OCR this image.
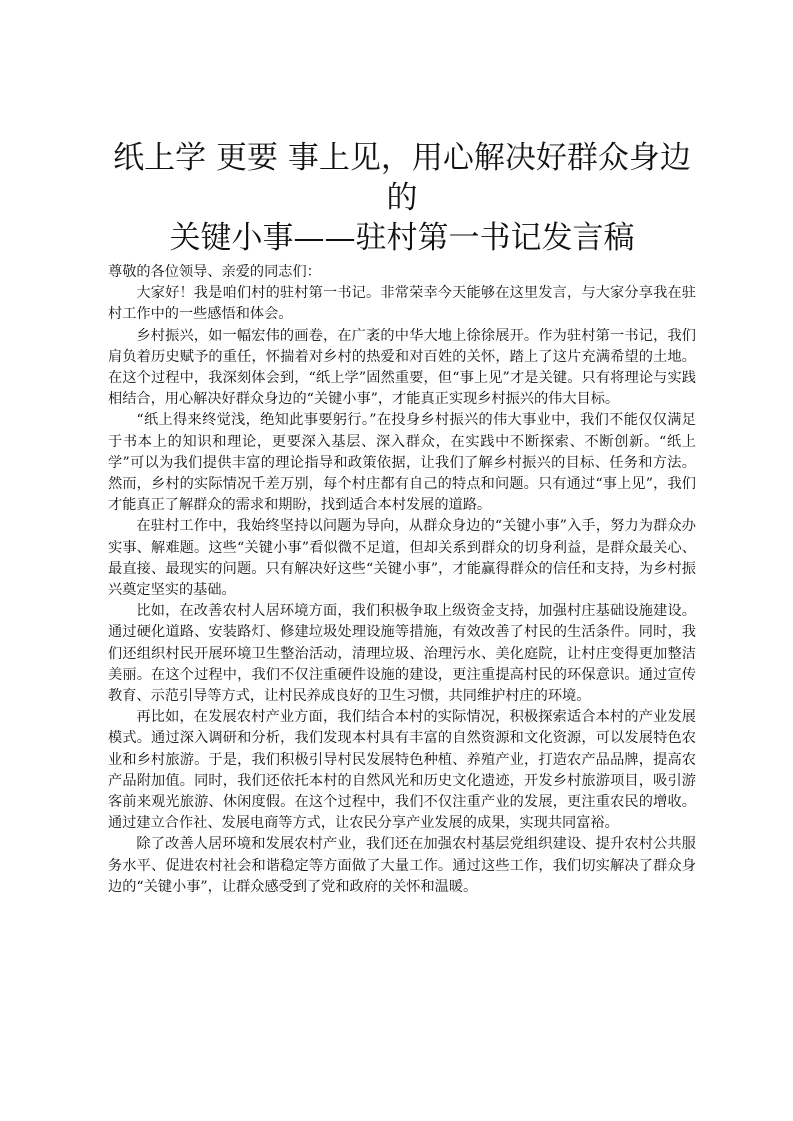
纸上学 更要 事上见，用心解决好群众身边的
关键小事——驻村第一书记发言稿

尊敬的各位领导、亲爱的同志们：

大家好！我是咱们村的驻村第一书记。非常荣幸今天能够在这里发言，与大家分享我在驻村工作中的一些感悟和体会。

乡村振兴，如一幅宏伟的画卷，在广袤的中华大地上徐徐展开。作为驻村第一书记，我们肩负着历史赋予的重任，怀揣着对乡村的热爱和对百姓的关怀，踏上了这片充满希望的土地。在这个过程中，我深刻体会到，“纸上学”固然重要，但“事上见”才是关键。只有将理论与实践相结合，用心解决好群众身边的“关键小事”，才能真正实现乡村振兴的伟大目标。

“纸上得来终觉浅，绝知此事要躬行。”在投身乡村振兴的伟大事业中，我们不能仅仅满足于书本上的知识和理论，更要深入基层、深入群众，在实践中不断探索、不断创新。“纸上学”可以为我们提供丰富的理论指导和政策依据，让我们了解乡村振兴的目标、任务和方法。然而，乡村的实际情况千差万别，每个村庄都有自己的特点和问题。只有通过“事上见”，我们才能真正了解群众的需求和期盼，找到适合本村发展的道路。

在驻村工作中，我始终坚持以问题为导向，从群众身边的“关键小事”入手，努力为群众办实事、解难题。这些“关键小事”看似微不足道，但却关系到群众的切身利益，是群众最关心、最直接、最现实的问题。只有解决好这些“关键小事”，才能赢得群众的信任和支持，为乡村振兴奠定坚实的基础。

比如，在改善农村人居环境方面，我们积极争取上级资金支持，加强村庄基础设施建设。通过硬化道路、安装路灯、修建垃圾处理设施等措施，有效改善了村民的生活条件。同时，我们还组织村民开展环境卫生整治活动，清理垃圾、治理污水、美化庭院，让村庄变得更加整洁美丽。在这个过程中，我们不仅注重硬件设施的建设，更注重提高村民的环保意识。通过宣传教育、示范引导等方式，让村民养成良好的卫生习惯，共同维护村庄的环境。

再比如，在发展农村产业方面，我们结合本村的实际情况，积极探索适合本村的产业发展模式。通过深入调研和分析，我们发现本村具有丰富的自然资源和文化资源，可以发展特色农业和乡村旅游。于是，我们积极引导村民发展特色种植、养殖产业，打造农产品品牌，提高农产品附加值。同时，我们还依托本村的自然风光和历史文化遗迹，开发乡村旅游项目，吸引游客前来观光旅游、休闲度假。在这个过程中，我们不仅注重产业的发展，更注重农民的增收。通过建立合作社、发展电商等方式，让农民分享产业发展的成果，实现共同富裕。

除了改善人居环境和发展农村产业，我们还在加强农村基层党组织建设、提升农村公共服务水平、促进农村社会和谐稳定等方面做了大量工作。通过这些工作，我们切实解决了群众身边的“关键小事”，让群众感受到了党和政府的关怀和温暖。
